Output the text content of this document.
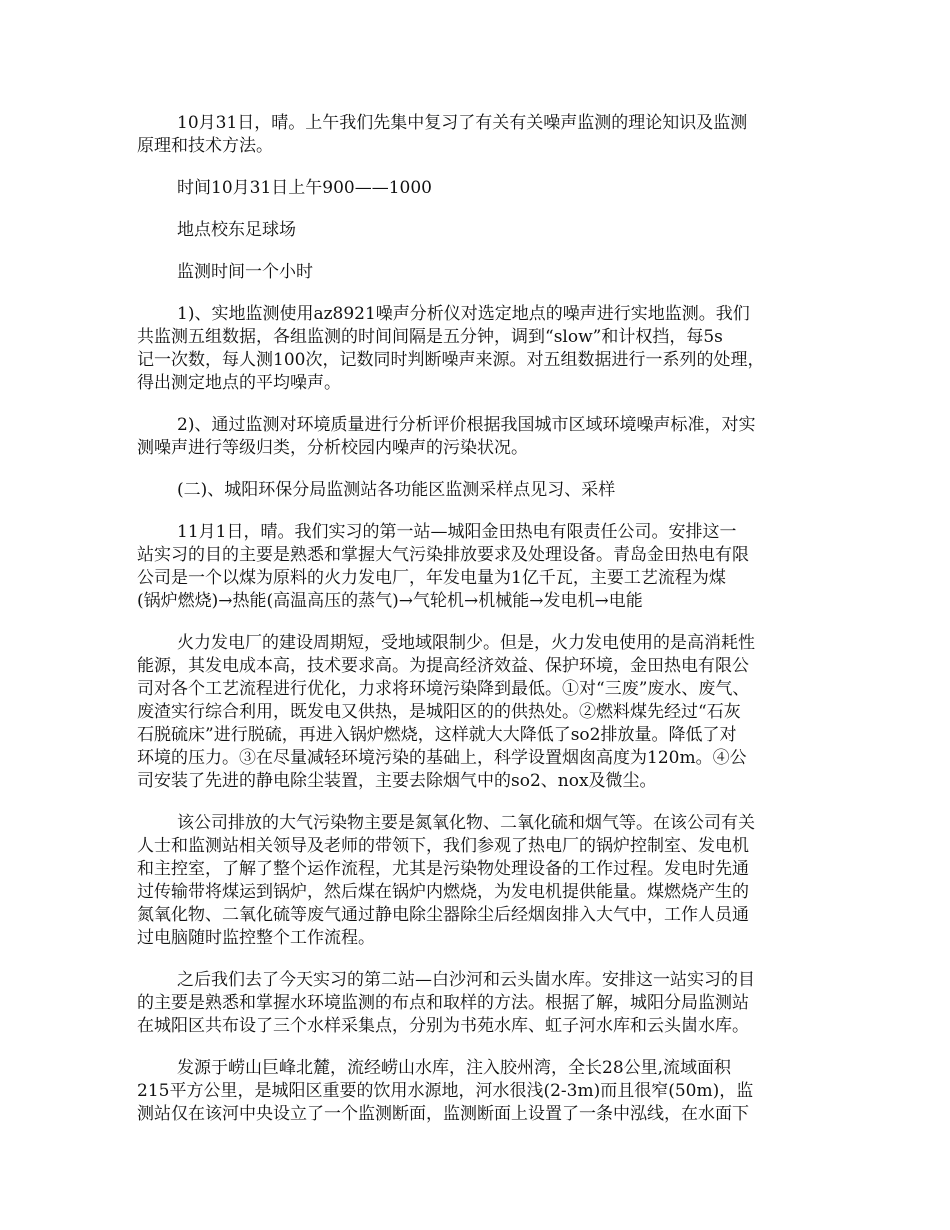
10月31日，晴。上午我们先集中复习了有关有关噪声监测的理论知识及监测
原理和技术方法。

时间10月31日上午900——1000

地点校东足球场

监测时间一个小时

1)、实地监测使用az8921噪声分析仪对选定地点的噪声进行实地监测。我们
共监测五组数据，各组监测的时间间隔是五分钟，调到“slow”和计权挡，每5s
记一次数，每人测100次，记数同时判断噪声来源。对五组数据进行一系列的处理，
得出测定地点的平均噪声。

2)、通过监测对环境质量进行分析评价根据我国城市区域环境噪声标准，对实
测噪声进行等级归类，分析校园内噪声的污染状况。

(二)、城阳环保分局监测站各功能区监测采样点见习、采样

11月1日，晴。我们实习的第一站—城阳金田热电有限责任公司。安排这一
站实习的目的主要是熟悉和掌握大气污染排放要求及处理设备。青岛金田热电有限
公司是一个以煤为原料的火力发电厂，年发电量为1亿千瓦，主要工艺流程为煤
(锅炉燃烧)→热能(高温高压的蒸气)→气轮机→机械能→发电机→电能

火力发电厂的建设周期短，受地域限制少。但是，火力发电使用的是高消耗性
能源，其发电成本高，技术要求高。为提高经济效益、保护环境，金田热电有限公
司对各个工艺流程进行优化，力求将环境污染降到最低。①对“三废”废水、废气、
废渣实行综合利用，既发电又供热，是城阳区的的供热处。②燃料煤先经过“石灰
石脱硫床”进行脱硫，再进入锅炉燃烧，这样就大大降低了so2排放量。降低了对
环境的压力。③在尽量减轻环境污染的基础上，科学设置烟囱高度为120m。④公
司安装了先进的静电除尘装置，主要去除烟气中的so2、nox及微尘。

该公司排放的大气污染物主要是氮氧化物、二氧化硫和烟气等。在该公司有关
人士和监测站相关领导及老师的带领下，我们参观了热电厂的锅炉控制室、发电机
和主控室，了解了整个运作流程，尤其是污染物处理设备的工作过程。发电时先通
过传输带将煤运到锅炉，然后煤在锅炉内燃烧，为发电机提供能量。煤燃烧产生的
氮氧化物、二氧化硫等废气通过静电除尘器除尘后经烟囱排入大气中，工作人员通
过电脑随时监控整个工作流程。

之后我们去了今天实习的第二站—白沙河和云头崮水库。安排这一站实习的目
的主要是熟悉和掌握水环境监测的布点和取样的方法。根据了解，城阳分局监测站
在城阳区共布设了三个水样采集点，分别为书苑水库、虹子河水库和云头崮水库。

发源于崂山巨峰北麓，流经崂山水库，注入胶州湾，全长28公里,流域面积
215平方公里，是城阳区重要的饮用水源地，河水很浅(2-3m)而且很窄(50m)，监
测站仅在该河中央设立了一个监测断面，监测断面上设置了一条中泓线，在水面下
